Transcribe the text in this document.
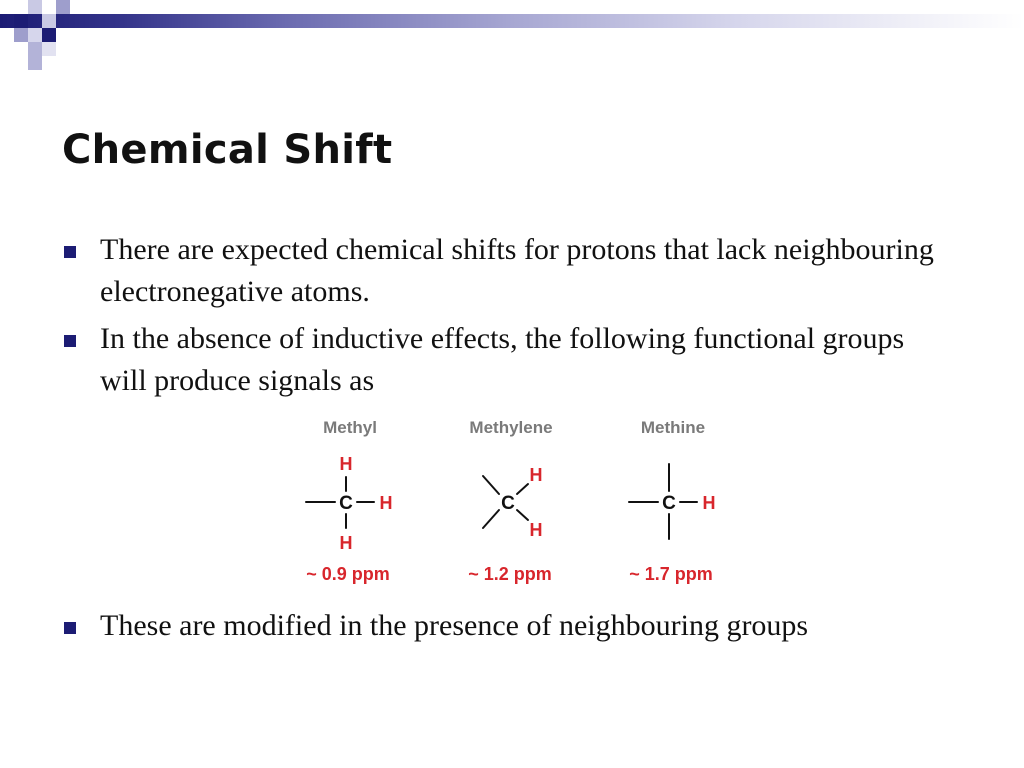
Chemical Shift
There are expected chemical shifts for protons that lack neighbouring electronegative atoms.
In the absence of inductive effects, the following functional groups will produce signals as
These are modified in the presence of neighbouring groups
Methyl
H
C H
H
~ 0.9 ppm
Methylene
C
H
H
~ 1.2 ppm
Methine
C H
~ 1.7 ppm
